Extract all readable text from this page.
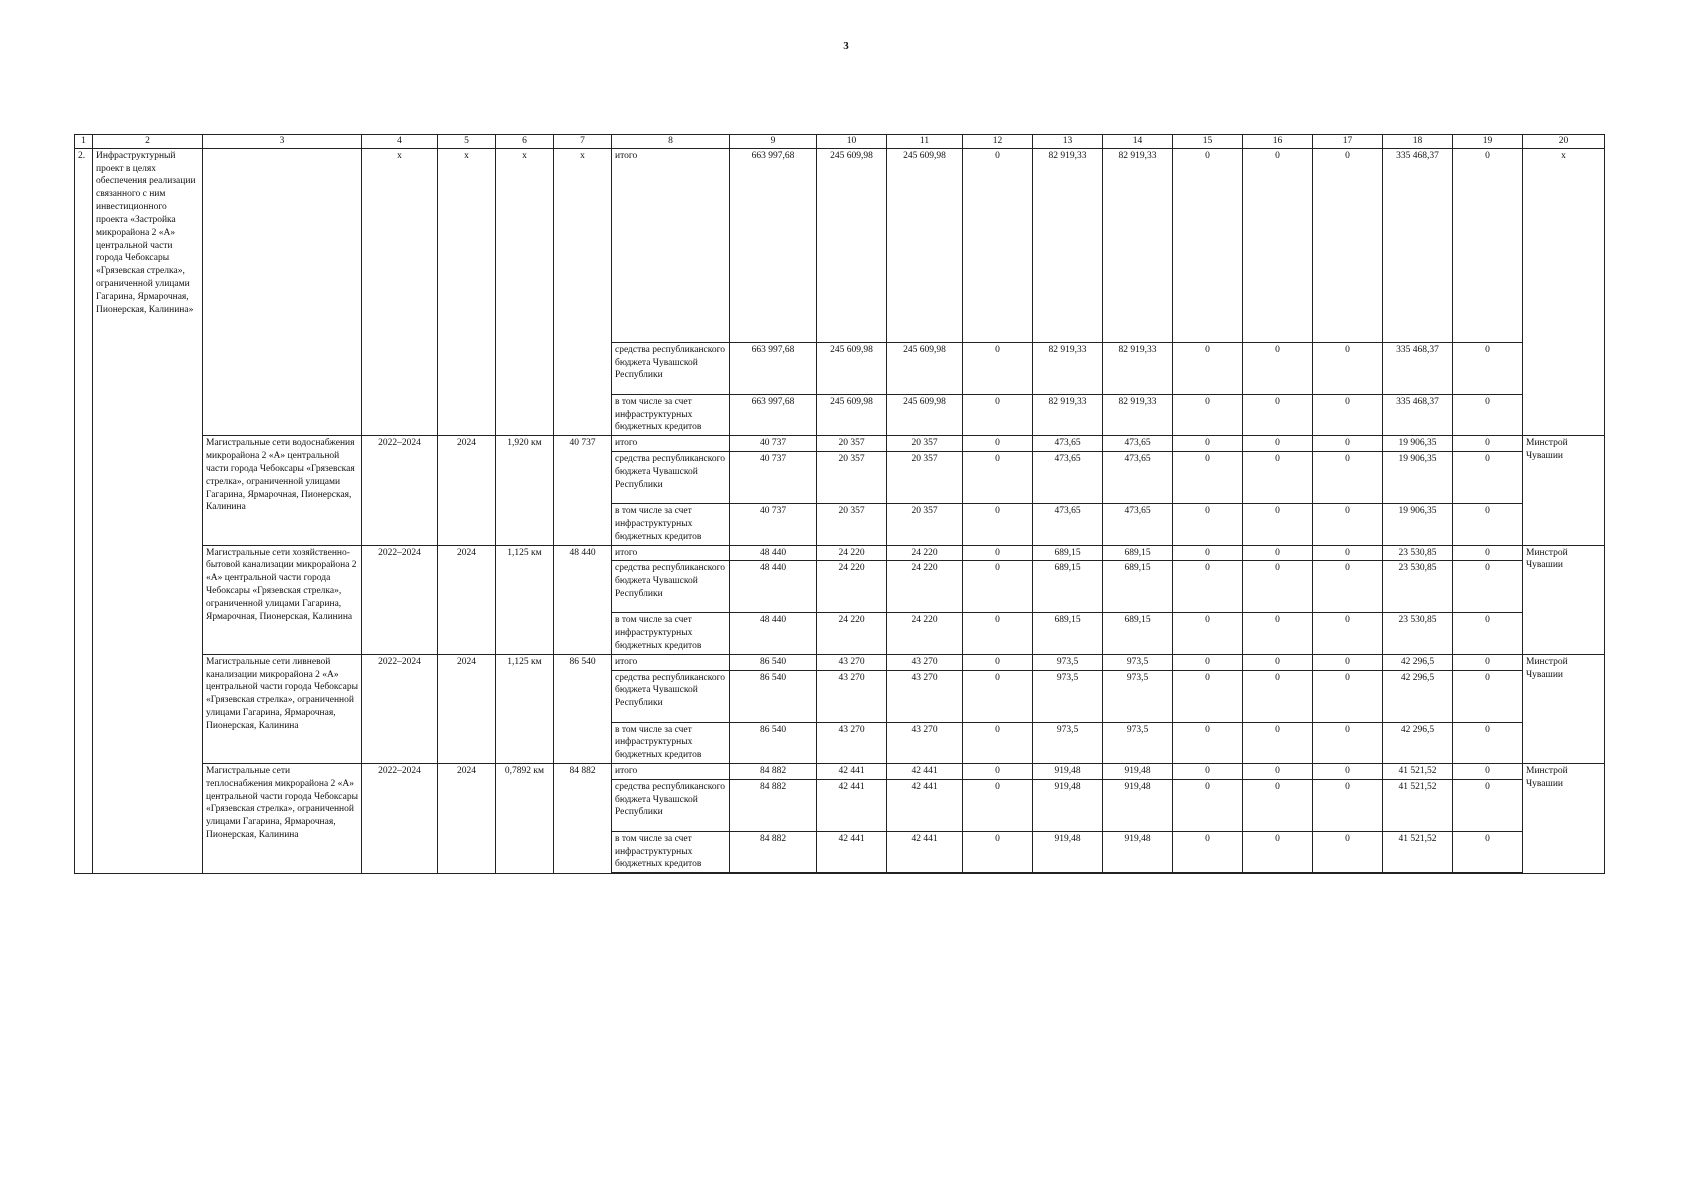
3
1	2	3	4	5	6	7	8	9	10	11	12	13	14	15	16	17	18	19	20
2.	Инфраструктурный проект в целях обеспечения реализации связанного с ним инвестиционного проекта «Застройка микрорайона 2 «А» центральной части города Чебоксары «Грязевская стрелка», ограниченной улицами Гагарина, Ярмарочная, Пионерская, Калинина»		x	x	x	x	итого	663 997,68	245 609,98	245 609,98	0	82 919,33	82 919,33	0	0	0	335 468,37	0	x
							средства республиканского бюджета Чувашской Республики	663 997,68	245 609,98	245 609,98	0	82 919,33	82 919,33	0	0	0	335 468,37	0	
							в том числе за счет инфраструктурных бюджетных кредитов	663 997,68	245 609,98	245 609,98	0	82 919,33	82 919,33	0	0	0	335 468,37	0	
		Магистральные сети водоснабжения микрорайона 2 «А» центральной части города Чебоксары «Грязевская стрелка», ограниченной улицами Гагарина, Ярмарочная, Пионерская, Калинина	2022–2024	2024	1,920 км	40 737	итого	40 737	20 357	20 357	0	473,65	473,65	0	0	0	19 906,35	0	Минстрой Чувашии
							средства республиканского бюджета Чувашской Республики	40 737	20 357	20 357	0	473,65	473,65	0	0	0	19 906,35	0	
							в том числе за счет инфраструктурных бюджетных кредитов	40 737	20 357	20 357	0	473,65	473,65	0	0	0	19 906,35	0	
		Магистральные сети хозяйственно-бытовой канализации микрорайона 2 «А» центральной части города Чебоксары «Грязевская стрелка», ограниченной улицами Гагарина, Ярмарочная, Пионерская, Калинина	2022–2024	2024	1,125 км	48 440	итого	48 440	24 220	24 220	0	689,15	689,15	0	0	0	23 530,85	0	Минстрой Чувашии
							средства республиканского бюджета Чувашской Республики	48 440	24 220	24 220	0	689,15	689,15	0	0	0	23 530,85	0	
							в том числе за счет инфраструктурных бюджетных кредитов	48 440	24 220	24 220	0	689,15	689,15	0	0	0	23 530,85	0	
		Магистральные сети ливневой канализации микрорайона 2 «А» центральной части города Чебоксары «Грязевская стрелка», ограниченной улицами Гагарина, Ярмарочная, Пионерская, Калинина	2022–2024	2024	1,125 км	86 540	итого	86 540	43 270	43 270	0	973,5	973,5	0	0	0	42 296,5	0	Минстрой Чувашии
							средства республиканского бюджета Чувашской Республики	86 540	43 270	43 270	0	973,5	973,5	0	0	0	42 296,5	0	
							в том числе за счет инфраструктурных бюджетных кредитов	86 540	43 270	43 270	0	973,5	973,5	0	0	0	42 296,5	0	
		Магистральные сети теплоснабжения микрорайона 2 «А» центральной части города Чебоксары «Грязевская стрелка», ограниченной улицами Гагарина, Ярмарочная, Пионерская, Калинина	2022–2024	2024	0,7892 км	84 882	итого	84 882	42 441	42 441	0	919,48	919,48	0	0	0	41 521,52	0	Минстрой Чувашии
							средства республиканского бюджета Чувашской Республики	84 882	42 441	42 441	0	919,48	919,48	0	0	0	41 521,52	0	
							в том числе за счет инфраструктурных бюджетных кредитов	84 882	42 441	42 441	0	919,48	919,48	0	0	0	41 521,52	0	
